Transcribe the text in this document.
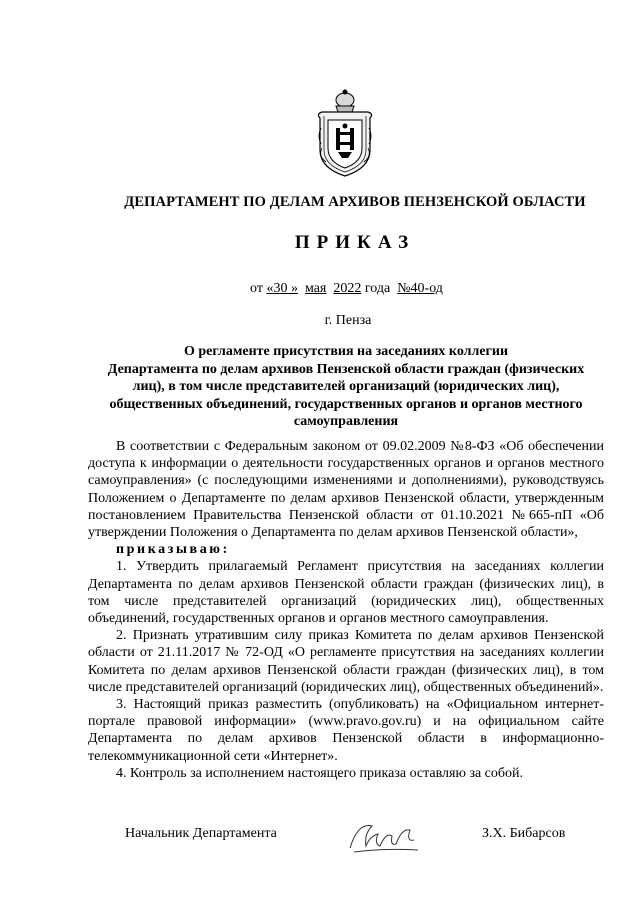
ДЕПАРТАМЕНТ ПО ДЕЛАМ АРХИВОВ ПЕНЗЕНСКОЙ ОБЛАСТИ
ПРИКАЗ
от «30 » мая 2022 года №40-од
г. Пенза
О регламенте присутствия на заседаниях коллегии
Департамента по делам архивов Пензенской области граждан (физических
лиц), в том числе представителей организаций (юридических лиц),
общественных объединений, государственных органов и органов местного
самоуправления

В соответствии с Федеральным законом от 09.02.2009 №8-ФЗ «Об обеспечении доступа к информации о деятельности государственных органов и органов местного самоуправления» (с последующими изменениями и дополнениями), руководствуясь Положением о Департаменте по делам архивов Пензенской области, утвержденным постановлением Правительства Пензенской области от 01.10.2021 №665-пП «Об утверждении Положения о Департамента по делам архивов Пензенской области»,

приказываю:

1. Утвердить прилагаемый Регламент присутствия на заседаниях коллегии Департамента по делам архивов Пензенской области граждан (физических лиц), в том числе представителей организаций (юридических лиц), общественных объединений, государственных органов и органов местного самоуправления.

2. Признать утратившим силу приказ Комитета по делам архивов Пензенской области от 21.11.2017 № 72-ОД «О регламенте присутствия на заседаниях коллегии Комитета по делам архивов Пензенской области граждан (физических лиц), в том числе представителей организаций (юридических лиц), общественных объединений».

3. Настоящий приказ разместить (опубликовать) на «Официальном интернет-портале правовой информации» (www.pravo.gov.ru) и на официальном сайте Департамента по делам архивов Пензенской области в информационно-телекоммуникационной сети «Интернет».

4. Контроль за исполнением настоящего приказа оставляю за собой.

Начальник Департамента	З.Х. Бибарсов
